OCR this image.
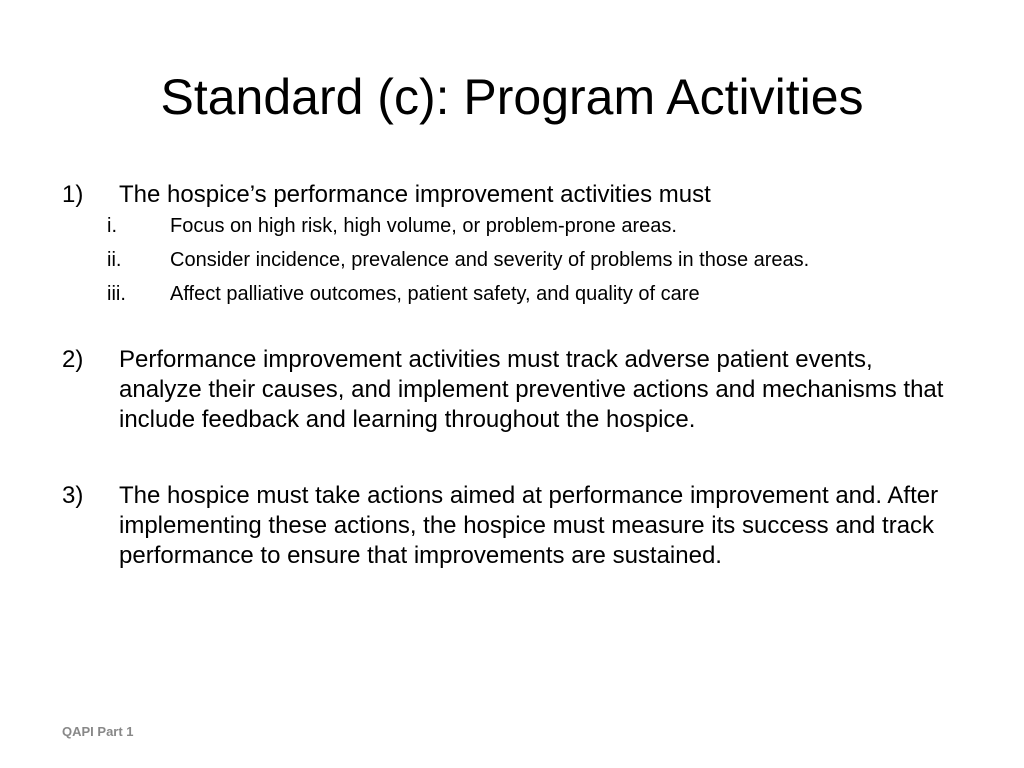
Standard (c): Program Activities
1)	The hospice’s performance improvement activities must
i.	Focus on high risk, high volume, or problem-prone areas.
ii.	Consider incidence, prevalence and severity of problems in those areas.
iii.	Affect palliative outcomes, patient safety, and quality of care
2)	Performance improvement activities must track adverse patient events, analyze their causes, and implement preventive actions and mechanisms that include feedback and learning throughout the hospice.
3)	The hospice must take actions aimed at performance improvement and. After implementing these actions, the hospice must measure its success and track performance to ensure that improvements are sustained.
QAPI Part 1
